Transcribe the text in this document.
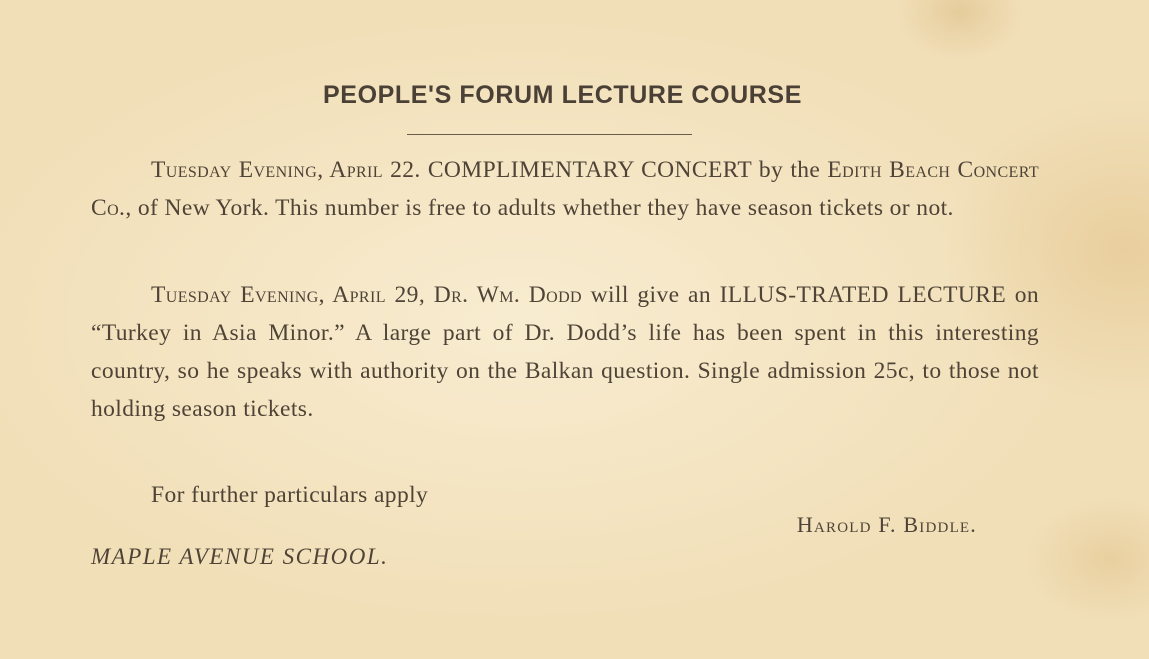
PEOPLE'S FORUM LECTURE COURSE

Tuesday Evening, April 22. COMPLIMENTARY CONCERT by the Edith Beach Concert Co., of New York. This number is free to adults whether they have season tickets or not.

Tuesday Evening, April 29, Dr. Wm. Dodd will give an ILLUS-TRATED LECTURE on “Turkey in Asia Minor.” A large part of Dr. Dodd’s life has been spent in this interesting country, so he speaks with authority on the Balkan question. Single admission 25c, to those not holding season tickets.

For further particulars apply

Harold F. Biddle.
MAPLE AVENUE SCHOOL.
